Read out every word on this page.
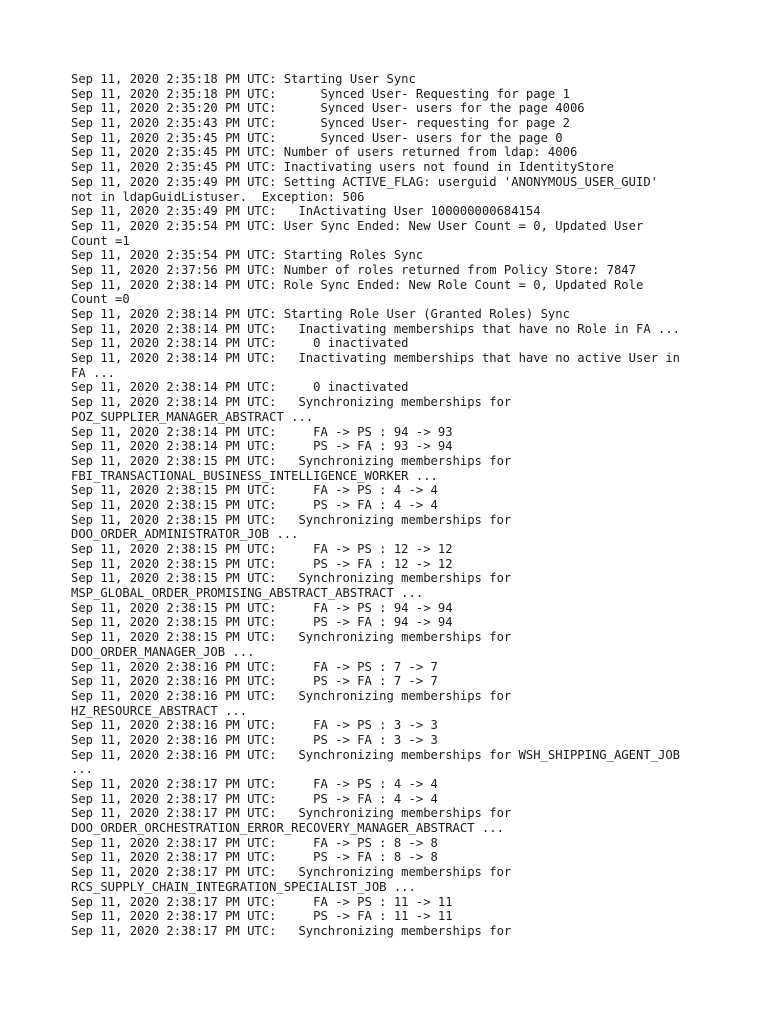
Sep 11, 2020 2:35:18 PM UTC: Starting User Sync
Sep 11, 2020 2:35:18 PM UTC:      Synced User- Requesting for page 1
Sep 11, 2020 2:35:20 PM UTC:      Synced User- users for the page 4006
Sep 11, 2020 2:35:43 PM UTC:      Synced User- requesting for page 2
Sep 11, 2020 2:35:45 PM UTC:      Synced User- users for the page 0
Sep 11, 2020 2:35:45 PM UTC: Number of users returned from ldap: 4006
Sep 11, 2020 2:35:45 PM UTC: Inactivating users not found in IdentityStore
Sep 11, 2020 2:35:49 PM UTC: Setting ACTIVE_FLAG: userguid 'ANONYMOUS_USER_GUID'
not in ldapGuidListuser.  Exception: 506
Sep 11, 2020 2:35:49 PM UTC:   InActivating User 100000000684154
Sep 11, 2020 2:35:54 PM UTC: User Sync Ended: New User Count = 0, Updated User
Count =1
Sep 11, 2020 2:35:54 PM UTC: Starting Roles Sync
Sep 11, 2020 2:37:56 PM UTC: Number of roles returned from Policy Store: 7847
Sep 11, 2020 2:38:14 PM UTC: Role Sync Ended: New Role Count = 0, Updated Role
Count =0
Sep 11, 2020 2:38:14 PM UTC: Starting Role User (Granted Roles) Sync
Sep 11, 2020 2:38:14 PM UTC:   Inactivating memberships that have no Role in FA ...
Sep 11, 2020 2:38:14 PM UTC:     0 inactivated
Sep 11, 2020 2:38:14 PM UTC:   Inactivating memberships that have no active User in
FA ...
Sep 11, 2020 2:38:14 PM UTC:     0 inactivated
Sep 11, 2020 2:38:14 PM UTC:   Synchronizing memberships for
POZ_SUPPLIER_MANAGER_ABSTRACT ...
Sep 11, 2020 2:38:14 PM UTC:     FA -> PS : 94 -> 93
Sep 11, 2020 2:38:14 PM UTC:     PS -> FA : 93 -> 94
Sep 11, 2020 2:38:15 PM UTC:   Synchronizing memberships for
FBI_TRANSACTIONAL_BUSINESS_INTELLIGENCE_WORKER ...
Sep 11, 2020 2:38:15 PM UTC:     FA -> PS : 4 -> 4
Sep 11, 2020 2:38:15 PM UTC:     PS -> FA : 4 -> 4
Sep 11, 2020 2:38:15 PM UTC:   Synchronizing memberships for
DOO_ORDER_ADMINISTRATOR_JOB ...
Sep 11, 2020 2:38:15 PM UTC:     FA -> PS : 12 -> 12
Sep 11, 2020 2:38:15 PM UTC:     PS -> FA : 12 -> 12
Sep 11, 2020 2:38:15 PM UTC:   Synchronizing memberships for
MSP_GLOBAL_ORDER_PROMISING_ABSTRACT_ABSTRACT ...
Sep 11, 2020 2:38:15 PM UTC:     FA -> PS : 94 -> 94
Sep 11, 2020 2:38:15 PM UTC:     PS -> FA : 94 -> 94
Sep 11, 2020 2:38:15 PM UTC:   Synchronizing memberships for
DOO_ORDER_MANAGER_JOB ...
Sep 11, 2020 2:38:16 PM UTC:     FA -> PS : 7 -> 7
Sep 11, 2020 2:38:16 PM UTC:     PS -> FA : 7 -> 7
Sep 11, 2020 2:38:16 PM UTC:   Synchronizing memberships for
HZ_RESOURCE_ABSTRACT ...
Sep 11, 2020 2:38:16 PM UTC:     FA -> PS : 3 -> 3
Sep 11, 2020 2:38:16 PM UTC:     PS -> FA : 3 -> 3
Sep 11, 2020 2:38:16 PM UTC:   Synchronizing memberships for WSH_SHIPPING_AGENT_JOB
...
Sep 11, 2020 2:38:17 PM UTC:     FA -> PS : 4 -> 4
Sep 11, 2020 2:38:17 PM UTC:     PS -> FA : 4 -> 4
Sep 11, 2020 2:38:17 PM UTC:   Synchronizing memberships for
DOO_ORDER_ORCHESTRATION_ERROR_RECOVERY_MANAGER_ABSTRACT ...
Sep 11, 2020 2:38:17 PM UTC:     FA -> PS : 8 -> 8
Sep 11, 2020 2:38:17 PM UTC:     PS -> FA : 8 -> 8
Sep 11, 2020 2:38:17 PM UTC:   Synchronizing memberships for
RCS_SUPPLY_CHAIN_INTEGRATION_SPECIALIST_JOB ...
Sep 11, 2020 2:38:17 PM UTC:     FA -> PS : 11 -> 11
Sep 11, 2020 2:38:17 PM UTC:     PS -> FA : 11 -> 11
Sep 11, 2020 2:38:17 PM UTC:   Synchronizing memberships for
